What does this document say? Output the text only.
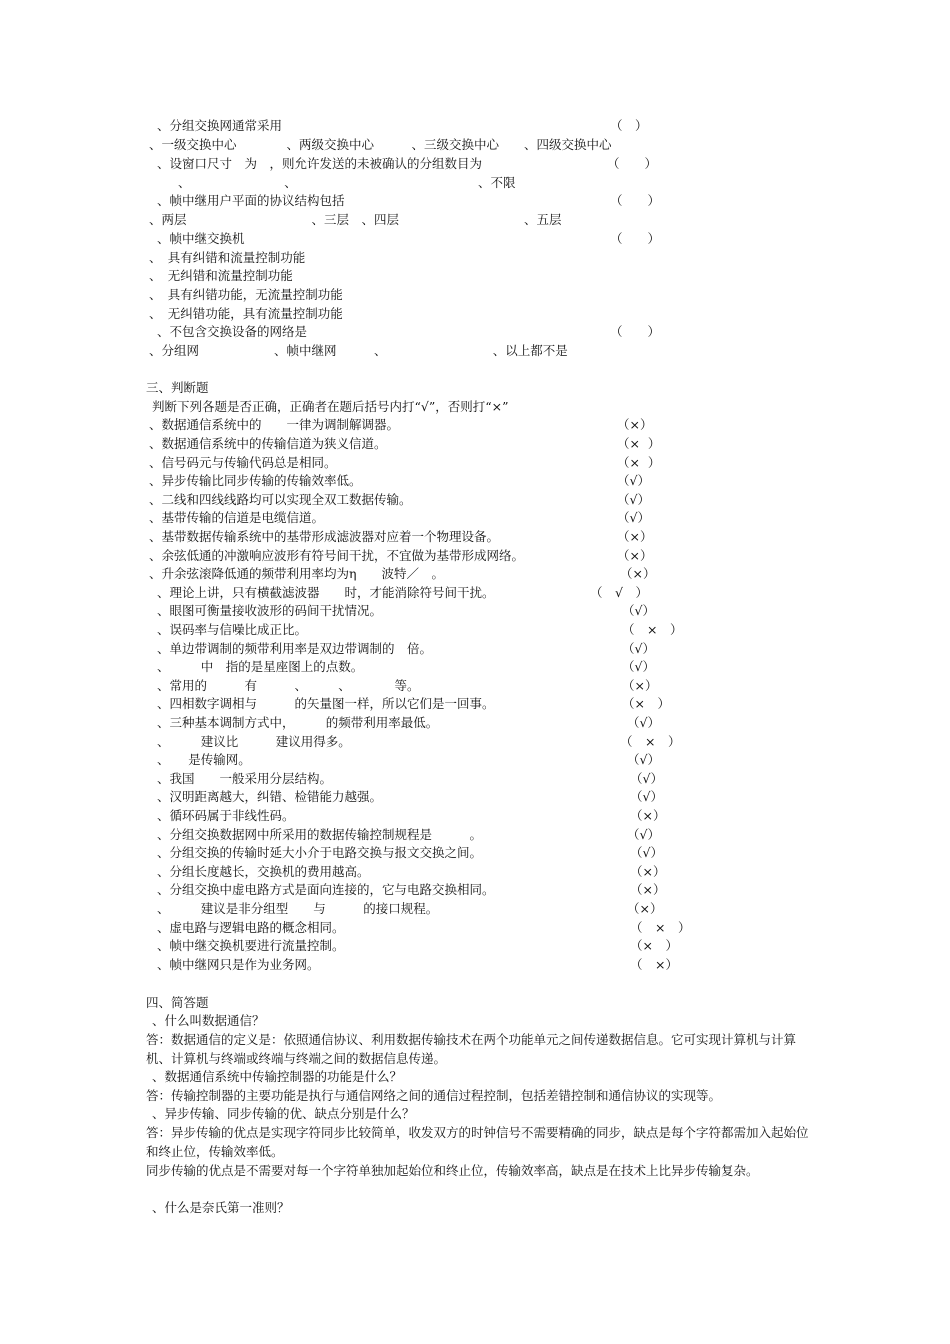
、分组交换网通常采用	（　）
、一级交换中心　　　　、两级交换中心　　　、三级交换中心　　、四级交换中心
、设窗口尺寸　为　，则允许发送的未被确认的分组数目为	（　　）
、　　　　　　　　、　　　　　　　　　　　　　　　、不限
、帧中继用户平面的协议结构包括	（　　）
、两层　　　　　　　　　　、三层　、四层　　　　　　　　　　、五层
、帧中继交换机	（　　）
、　具有纠错和流量控制功能
、　无纠错和流量控制功能
、　具有纠错功能，无流量控制功能
、　无纠错功能，具有流量控制功能
、不包含交换设备的网络是	（　　）
、分组网　　　　　　、帧中继网　　　、　　　　　　　　　、以上都不是
三、判断题
判断下列各题是否正确，正确者在题后括号内打“√”，否则打“×”
、数据通信系统中的　　一律为调制解调器。	（×）
、数据通信系统中的传输信道为狭义信道。	（×  ）
、信号码元与传输代码总是相同。	（×  ）
、异步传输比同步传输的传输效率低。	（√）
、二线和四线线路均可以实现全双工数据传输。	（√）
、基带传输的信道是电缆信道。	（√）
、基带数据传输系统中的基带形成滤波器对应着一个物理设备。	（×）
、余弦低通的冲激响应波形有符号间干扰，不宜做为基带形成网络。	（×）
、升余弦滚降低通的频带利用率均为η　　波特／　。	（×）
、理论上讲，只有横截滤波器　　时，才能消除符号间干扰。	（　√　）
、眼图可衡量接收波形的码间干扰情况。	（√）
、误码率与信噪比成正比。	（　×　）
、单边带调制的频带利用率是双边带调制的　倍。	（√）
、　　　中　指的是星座图上的点数。	（√）
、常用的　　　有　　　、　　　、　　　　等。	（×）
、四相数字调相与　　　的矢量图一样，所以它们是一回事。	（×　）
、三种基本调制方式中，　　　的频带利用率最低。	（√）
、　　　建议比　　　建议用得多。	（　×　）
、　　是传输网。	（√）
、我国　　一般采用分层结构。	（√）
、汉明距离越大，纠错、检错能力越强。	（√）
、循环码属于非线性码。	（×）
、分组交换数据网中所采用的数据传输控制规程是　　　。	（√）
、分组交换的传输时延大小介于电路交换与报文交换之间。	（√）
、分组长度越长，交换机的费用越高。	（×）
、分组交换中虚电路方式是面向连接的，它与电路交换相同。	（×）
、　　　建议是非分组型　　与　　　的接口规程。	（×）
、虚电路与逻辑电路的概念相同。	（　×　）
、帧中继交换机要进行流量控制。	（×　）
、帧中继网只是作为业务网。	（　×）
四、简答题
、什么叫数据通信？
答：数据通信的定义是：依照通信协议、利用数据传输技术在两个功能单元之间传递数据信息。它可实现计算机与计算机、计算机与终端或终端与终端之间的数据信息传递。
、数据通信系统中传输控制器的功能是什么？
答：传输控制器的主要功能是执行与通信网络之间的通信过程控制，包括差错控制和通信协议的实现等。
、异步传输、同步传输的优、缺点分别是什么？
答：异步传输的优点是实现字符同步比较简单，收发双方的时钟信号不需要精确的同步，缺点是每个字符都需加入起始位和终止位，传输效率低。
同步传输的优点是不需要对每一个字符单独加起始位和终止位，传输效率高，缺点是在技术上比异步传输复杂。
、什么是奈氏第一准则？
